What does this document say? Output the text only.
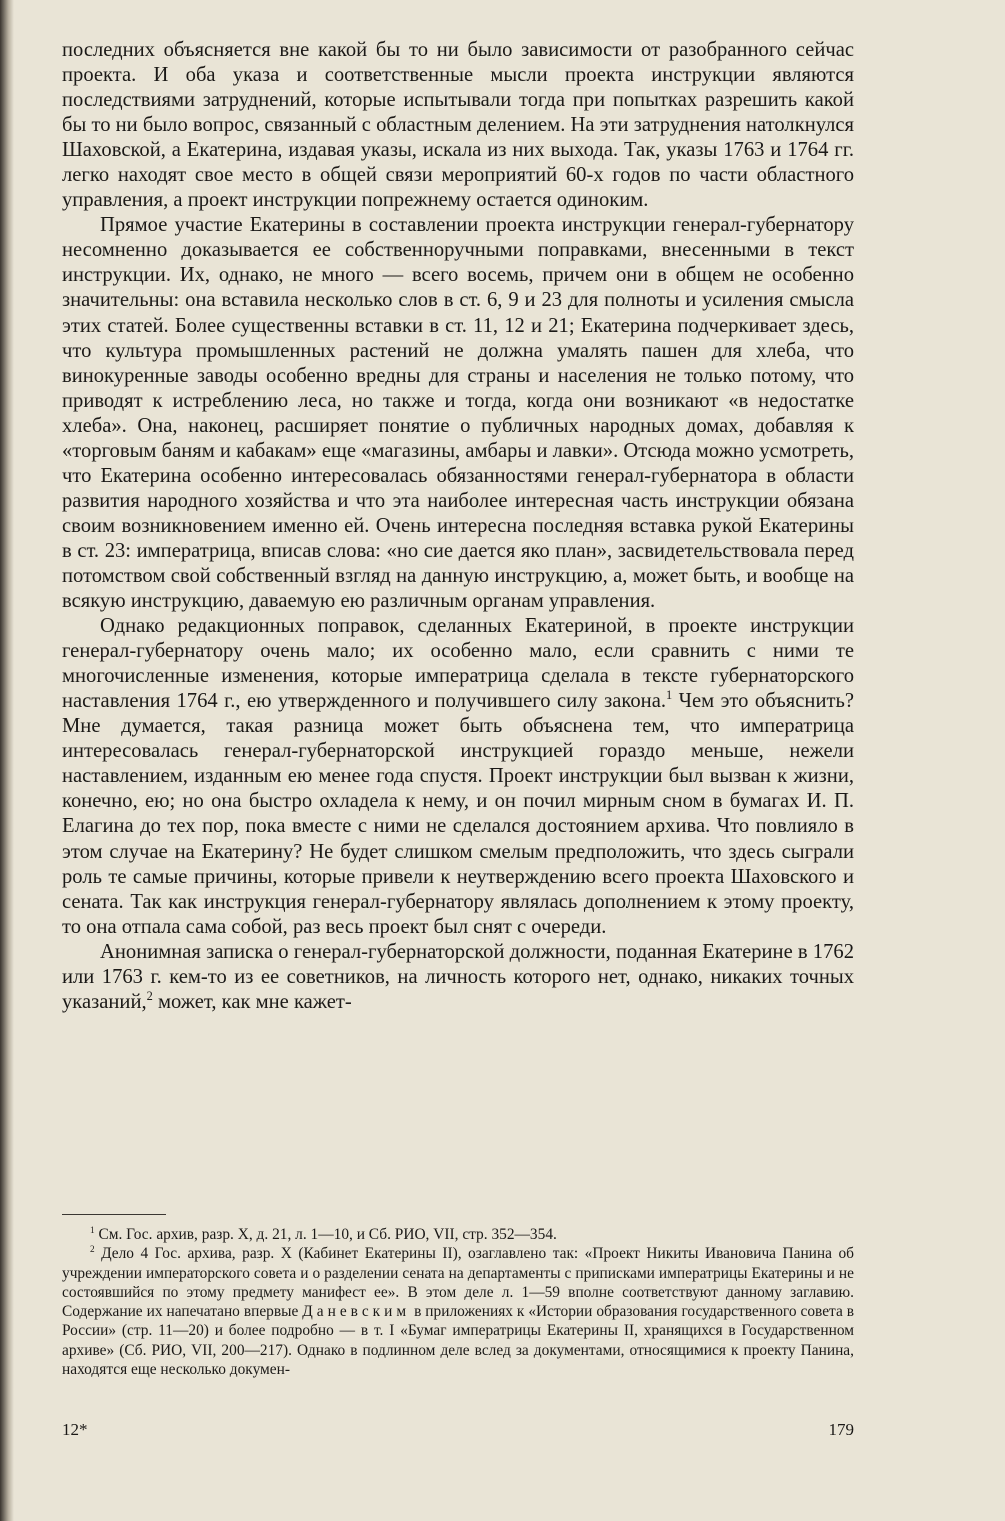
последних объясняется вне какой бы то ни было зависимости от разобранного сейчас проекта. И оба указа и соответственные мысли проекта инструкции являются последствиями затруднений, которые испытывали тогда при попытках разрешить какой бы то ни было вопрос, связанный с областным делением. На эти затруднения натолкнулся Шаховской, а Екатерина, издавая указы, искала из них выхода. Так, указы 1763 и 1764 гг. легко находят свое место в общей связи мероприятий 60-х годов по части областного управления, а проект инструкции попрежнему остается одиноким.

Прямое участие Екатерины в составлении проекта инструкции генерал-губернатору несомненно доказывается ее собственноручными поправками, внесенными в текст инструкции. Их, однако, не много — всего восемь, причем они в общем не особенно значительны: она вставила несколько слов в ст. 6, 9 и 23 для полноты и усиления смысла этих статей. Более существенны вставки в ст. 11, 12 и 21; Екатерина подчеркивает здесь, что культура промышленных растений не должна умалять пашен для хлеба, что винокуренные заводы особенно вредны для страны и населения не только потому, что приводят к истреблению леса, но также и тогда, когда они возникают «в недостатке хлеба». Она, наконец, расширяет понятие о публичных народных домах, добавляя к «торговым баням и кабакам» еще «магазины, амбары и лавки». Отсюда можно усмотреть, что Екатерина особенно интересовалась обязанностями генерал-губернатора в области развития народного хозяйства и что эта наиболее интересная часть инструкции обязана своим возникновением именно ей. Очень интересна последняя вставка рукой Екатерины в ст. 23: императрица, вписав слова: «но сие дается яко план», засвидетельствовала перед потомством свой собственный взгляд на данную инструкцию, а, может быть, и вообще на всякую инструкцию, даваемую ею различным органам управления.

Однако редакционных поправок, сделанных Екатериной, в проекте инструкции генерал-губернатору очень мало; их особенно мало, если сравнить с ними те многочисленные изменения, которые императрица сделала в тексте губернаторского наставления 1764 г., ею утвержденного и получившего силу закона.$^1$ Чем это объяснить? Мне думается, такая разница может быть объяснена тем, что императрица интересовалась генерал-губернаторской инструкцией гораздо меньше, нежели наставлением, изданным ею менее года спустя. Проект инструкции был вызван к жизни, конечно, ею; но она быстро охладела к нему, и он почил мирным сном в бумагах И. П. Елагина до тех пор, пока вместе с ними не сделался достоянием архива. Что повлияло в этом случае на Екатерину? Не будет слишком смелым предположить, что здесь сыграли роль те самые причины, которые привели к неутверждению всего проекта Шаховского и сената. Так как инструкция генерал-губернатору являлась дополнением к этому проекту, то она отпала сама собой, раз весь проект был снят с очереди.

Анонимная записка о генерал-губернаторской должности, поданная Екатерине в 1762 или 1763 г. кем-то из ее советников, на личность которого нет, однако, никаких точных указаний,$^2$ может, как мне кажет-

$^1$ См. Гос. архив, разр. X, д. 21, л. 1—10, и Сб. РИО, VII, стр. 352—354.

$^2$ Дело 4 Гос. архива, разр. X (Кабинет Екатерины II), озаглавлено так: «Проект Никиты Ивановича Панина об учреждении императорского совета и о разделении сената на департаменты с приписками императрицы Екатерины и не состоявшийся по этому предмету манифест ее». В этом деле л. 1—59 вполне соответствуют данному заглавию. Содержание их напечатано впервые Даневским в приложениях к «Истории образования государственного совета в России» (стр. 11—20) и более подробно — в т. I «Бумаг императрицы Екатерины II, хранящихся в Государственном архиве» (Сб. РИО, VII, 200—217). Однако в подлинном деле вслед за документами, относящимися к проекту Панина, находятся еще несколько докумен-

12*	179
